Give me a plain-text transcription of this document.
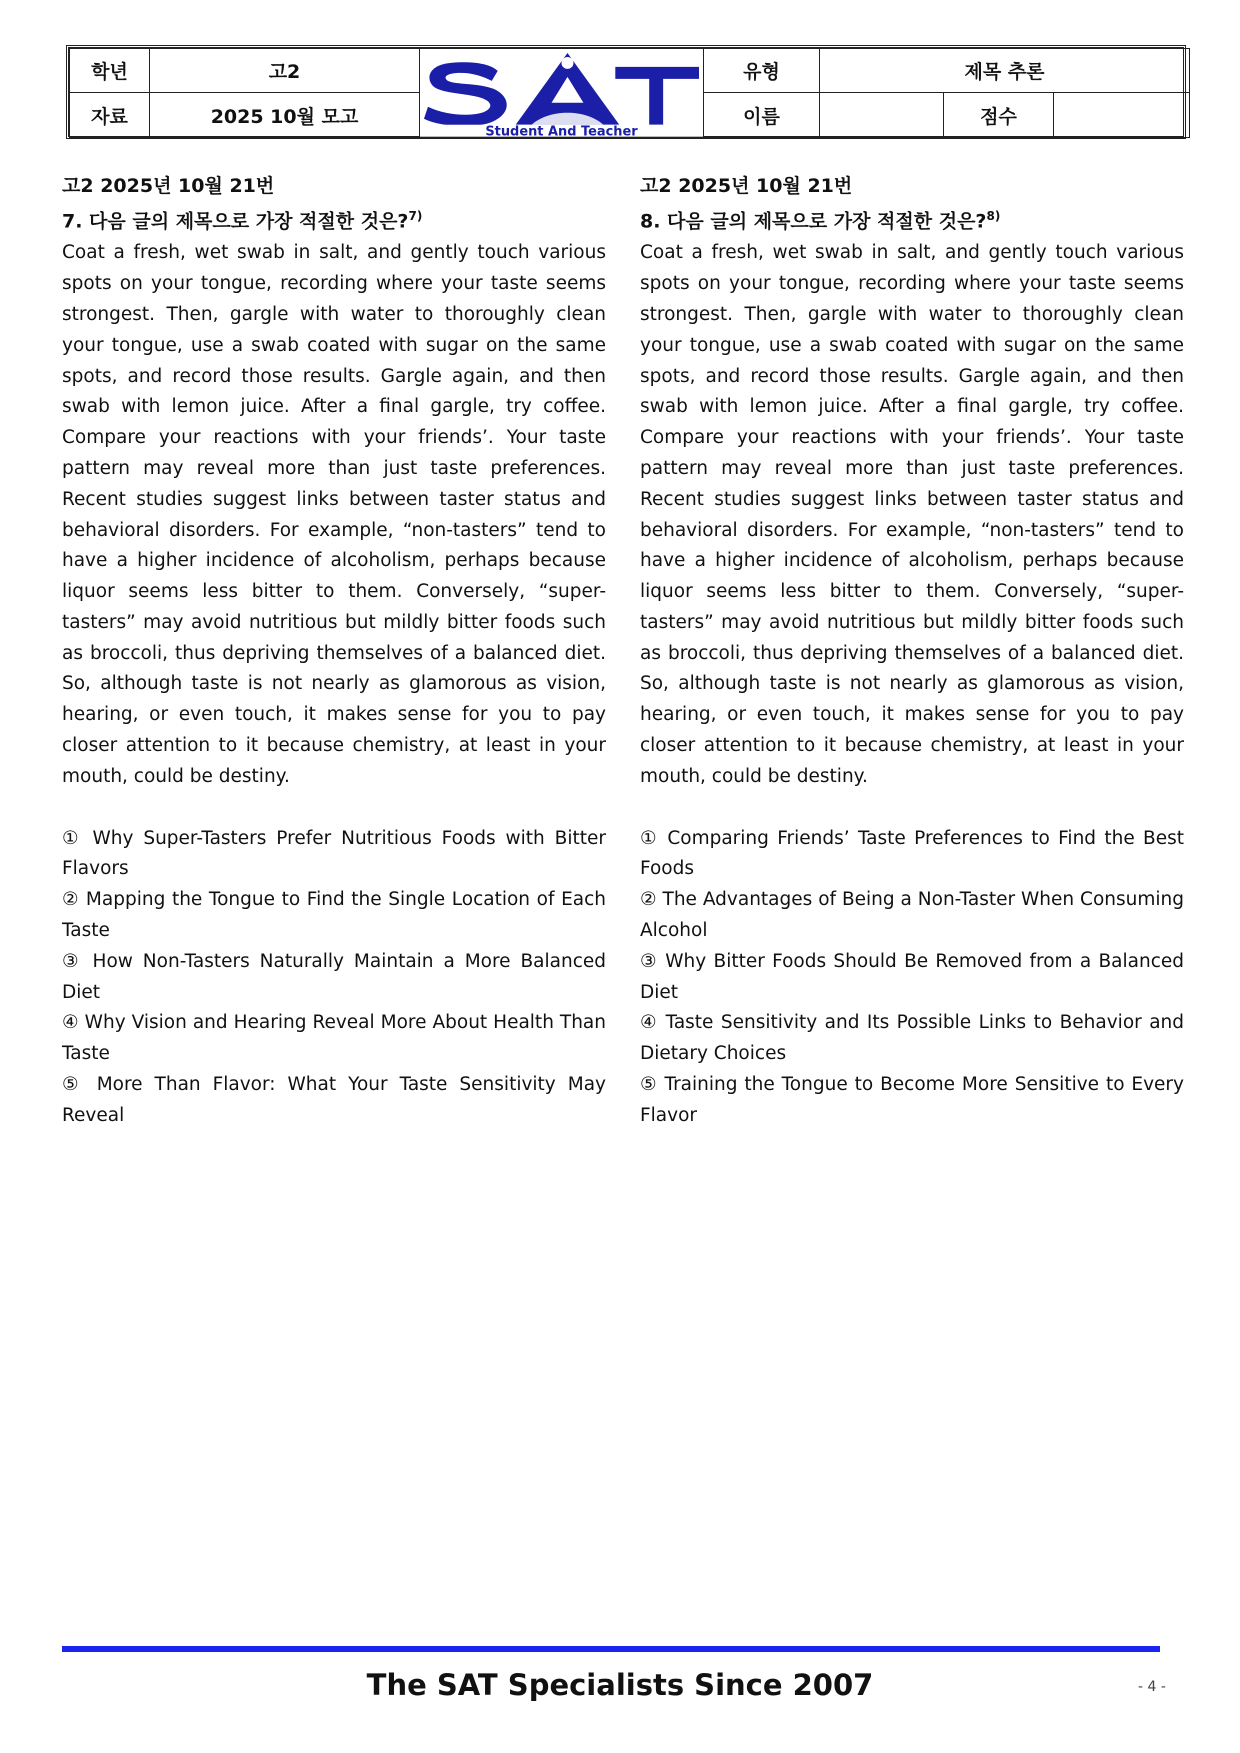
학년	고2	Student And Teacher	유형	제목 추론		
자료	2025 10월 모고		이름		점수	
고2 2025년 10월 21번
7. 다음 글의 제목으로 가장 적절한 것은?$^{7)}$
Coat a fresh, wet swab in salt, and gently touch various spots on your tongue, recording where your taste seems strongest. Then, gargle with water to thoroughly clean your tongue, use a swab coated with sugar on the same spots, and record those results. Gargle again, and then swab with lemon juice. After a final gargle, try coffee. Compare your reactions with your friends’. Your taste pattern may reveal more than just taste preferences. Recent studies suggest links between taster status and behavioral disorders. For example, “non-tasters” tend to have a higher incidence of alcoholism, perhaps because liquor seems less bitter to them. Conversely, “super-tasters” may avoid nutritious but mildly bitter foods such as broccoli, thus depriving themselves of a balanced diet. So, although taste is not nearly as glamorous as vision, hearing, or even touch, it makes sense for you to pay closer attention to it because chemistry, at least in your mouth, could be destiny.
① Why Super-Tasters Prefer Nutritious Foods with Bitter Flavors
② Mapping the Tongue to Find the Single Location of Each Taste
③ How Non-Tasters Naturally Maintain a More Balanced Diet
④ Why Vision and Hearing Reveal More About Health Than Taste
⑤ More Than Flavor: What Your Taste Sensitivity May Reveal
고2 2025년 10월 21번
8. 다음 글의 제목으로 가장 적절한 것은?$^{8)}$
Coat a fresh, wet swab in salt, and gently touch various spots on your tongue, recording where your taste seems strongest. Then, gargle with water to thoroughly clean your tongue, use a swab coated with sugar on the same spots, and record those results. Gargle again, and then swab with lemon juice. After a final gargle, try coffee. Compare your reactions with your friends’. Your taste pattern may reveal more than just taste preferences. Recent studies suggest links between taster status and behavioral disorders. For example, “non-tasters” tend to have a higher incidence of alcoholism, perhaps because liquor seems less bitter to them. Conversely, “super-tasters” may avoid nutritious but mildly bitter foods such as broccoli, thus depriving themselves of a balanced diet. So, although taste is not nearly as glamorous as vision, hearing, or even touch, it makes sense for you to pay closer attention to it because chemistry, at least in your mouth, could be destiny.
① Comparing Friends’ Taste Preferences to Find the Best Foods
② The Advantages of Being a Non-Taster When Consuming Alcohol
③ Why Bitter Foods Should Be Removed from a Balanced Diet
④ Taste Sensitivity and Its Possible Links to Behavior and Dietary Choices
⑤ Training the Tongue to Become More Sensitive to Every Flavor
The SAT Specialists Since 2007	- 4 -
